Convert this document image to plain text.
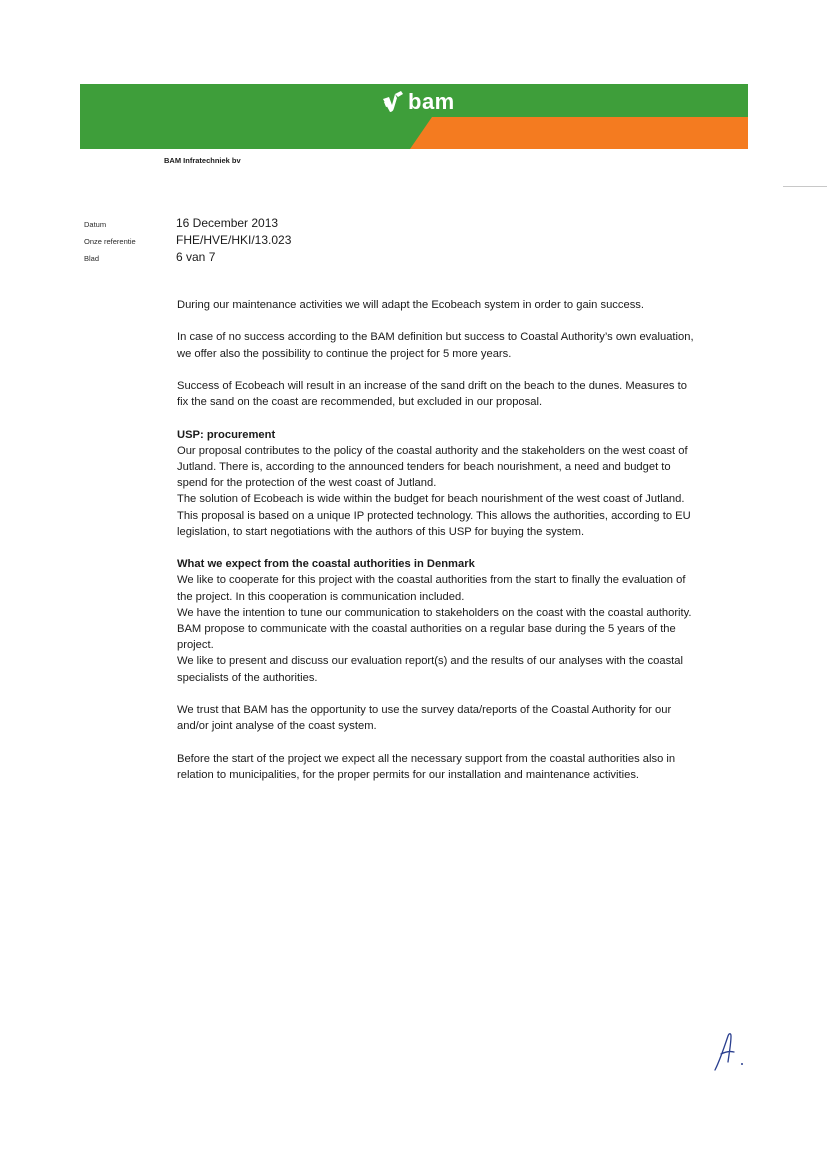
bam
BAM Infratechniek bv
Datum	16 December 2013
Onze referentie	FHE/HVE/HKI/13.023
Blad	6 van 7

During our maintenance activities we will adapt the Ecobeach system in order to gain success.

In case of no success according to the BAM definition but success to Coastal Authority’s own evaluation, we offer also the possibility to continue the project for 5 more years.

Success of Ecobeach will result in an increase of the sand drift on the beach to the dunes. Measures to fix the sand on the coast are recommended, but excluded in our proposal.

USP: procurement

Our proposal contributes to the policy of the coastal authority and the stakeholders on the west coast of Jutland. There is, according to the announced tenders for beach nourishment, a need and budget to spend for the protection of the west coast of Jutland.

The solution of Ecobeach is wide within the budget for beach nourishment of the west coast of Jutland.

This proposal is based on a unique IP protected technology. This allows the authorities, according to EU legislation, to start negotiations with the authors of this USP for buying the system.

What we expect from the coastal authorities in Denmark

We like to cooperate for this project with the coastal authorities from the start to finally the evaluation of the project. In this cooperation is communication included.

We have the intention to tune our communication to stakeholders on the coast with the coastal authority. BAM propose to communicate with the coastal authorities on a regular base during the 5 years of the project.

We like to present and discuss our evaluation report(s) and the results of our analyses with the coastal specialists of the authorities.

We trust that BAM has the opportunity to use the survey data/reports of the Coastal Authority for our and/or joint analyse of the coast system.

Before the start of the project we expect all the necessary support from the coastal authorities also in relation to municipalities, for the proper permits for our installation and maintenance activities.
